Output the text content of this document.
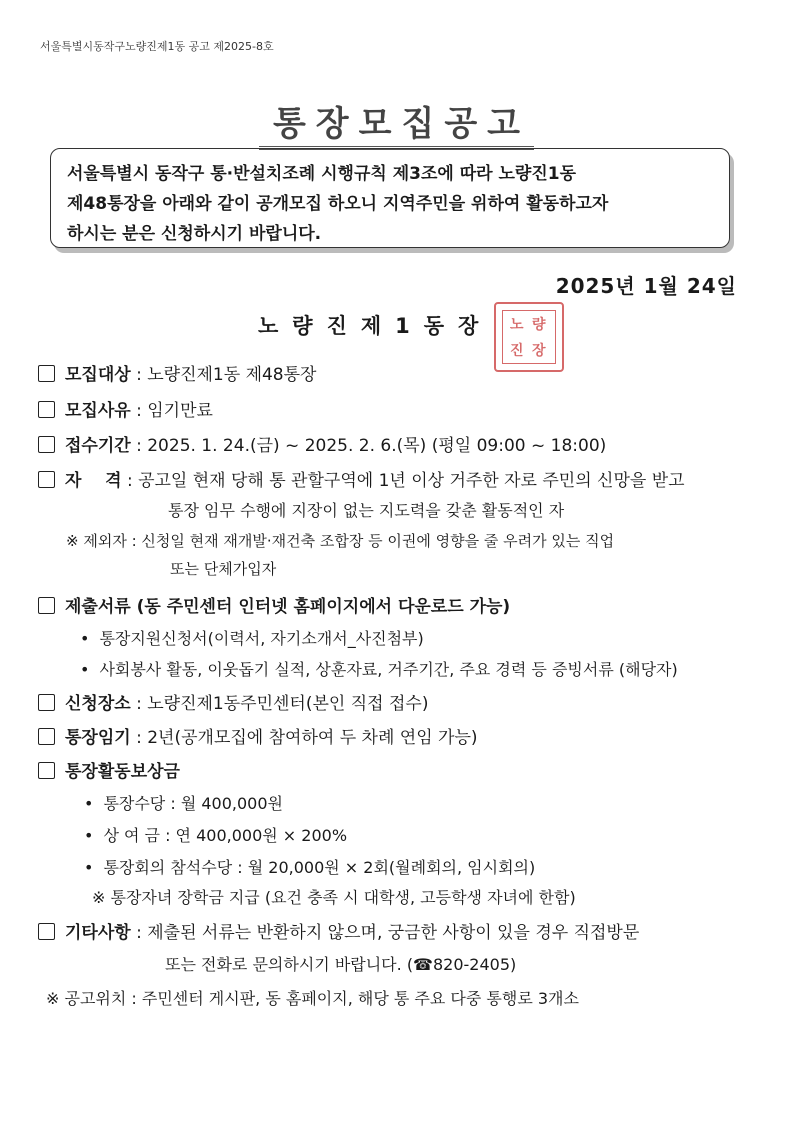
서울특별시동작구노량진제1동 공고 제2025-8호
통장모집공고
서울특별시 동작구 통·반설치조례 시행규칙 제3조에 따라 노량진1동
제48통장을 아래와 같이 공개모집 하오니 지역주민을 위하여 활동하고자
하시는 분은 신청하시기 바랍니다.
2025년 1월 24일
노량진제1동장 노 량
진 장
모집대상 : 노량진제1동 제48통장
모집사유 : 임기만료
접수기간 : 2025. 1. 24.(금) ~ 2025. 2. 6.(목) (평일 09:00 ~ 18:00)
자    격 : 공고일 현재 당해 통 관할구역에 1년 이상 거주한 자로 주민의 신망을 받고
통장 임무 수행에 지장이 없는 지도력을 갖춘 활동적인 자
※ 제외자 : 신청일 현재 재개발·재건축 조합장 등 이권에 영향을 줄 우려가 있는 직업
또는 단체가입자
제출서류 (동 주민센터 인터넷 홈페이지에서 다운로드 가능)
• 통장지원신청서(이력서, 자기소개서_사진첨부)
• 사회봉사 활동, 이웃돕기 실적, 상훈자료, 거주기간, 주요 경력 등 증빙서류 (해당자)
신청장소 : 노량진제1동주민센터(본인 직접 접수)
통장임기 : 2년(공개모집에 참여하여 두 차례 연임 가능)
통장활동보상금
• 통장수당 : 월 400,000원
• 상 여 금 : 연 400,000원 × 200%
• 통장회의 참석수당 : 월 20,000원 × 2회(월례회의, 임시회의)
※ 통장자녀 장학금 지급 (요건 충족 시 대학생, 고등학생 자녀에 한함)
기타사항 : 제출된 서류는 반환하지 않으며, 궁금한 사항이 있을 경우 직접방문
또는 전화로 문의하시기 바랍니다. (☎820-2405)
※ 공고위치 : 주민센터 게시판, 동 홈페이지, 해당 통 주요 다중 통행로 3개소
